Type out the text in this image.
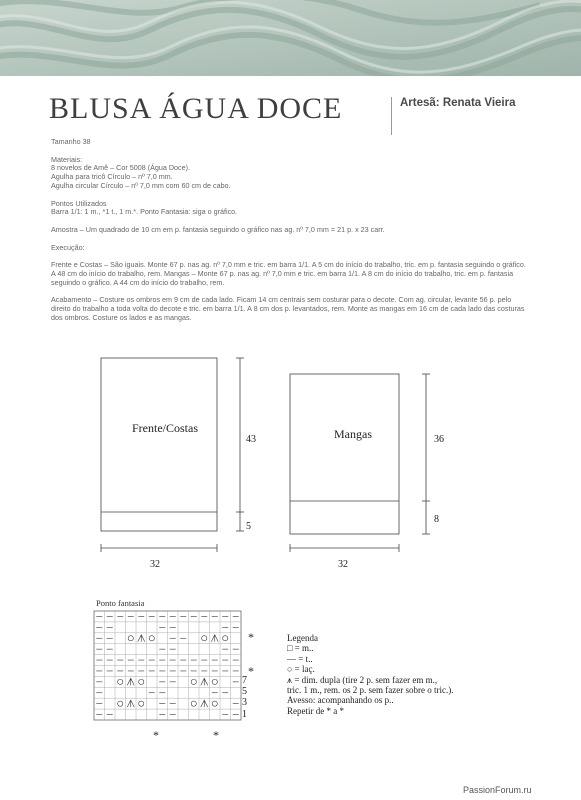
BLUSA ÁGUA DOCE	Artesã: Renata Vieira

Tamanho 38

Materiais:
8 novelos de Amê – Cor 5008 (Água Doce).
Agulha para tricô Círculo – nº 7,0 mm.

Agulha circular Círculo – nº 7,0 mm com 60 cm de cabo.

Pontos Utilizados

Barra 1/1: 1 m., *1 t., 1 m.*. Ponto Fantasia: siga o gráfico.

Amostra – Um quadrado de 10 cm em p. fantasia seguindo o gráfico nas ag. nº 7,0 mm = 21 p. x 23 carr.

Execução:

Frente e Costas – São iguais. Monte 67 p. nas ag. nº 7,0 mm e tric. em barra 1/1. A 5 cm do início do trabalho, tric. em p. fantasia seguindo o gráfico. A 48 cm do início do trabalho, rem. Mangas – Monte 67 p. nas ag. nº 7,0 mm e tric. em barra 1/1. A 8 cm do início do trabalho, tric. em p. fantasia seguindo o gráfico. A 44 cm do início do trabalho, rem.

Acabamento – Costure os ombros em 9 cm de cada lado. Ficam 14 cm centrais sem costurar para o decote. Com ag. circular, levante 56 p. pelo direito do trabalho a toda volta do decote e tric. em barra 1/1. A 8 cm dos p. levantados, rem. Monte as mangas em 16 cm de cada lado das costuras dos ombros. Costure os lados e as mangas.

Frente/Costas
43
5
32
Mangas	36
8
32
*
*
*	*
7
5
3
1
Ponto fantasia
Legenda
□ = m..
— = t..
○ = laç.
⩚ = dim. dupla (tire 2 p. sem fazer em m.,
tric. 1 m., rem. os 2 p. sem fazer sobre o tric.).
Avesso: acompanhando os p..
Repetir de * a *
PassionForum.ru
